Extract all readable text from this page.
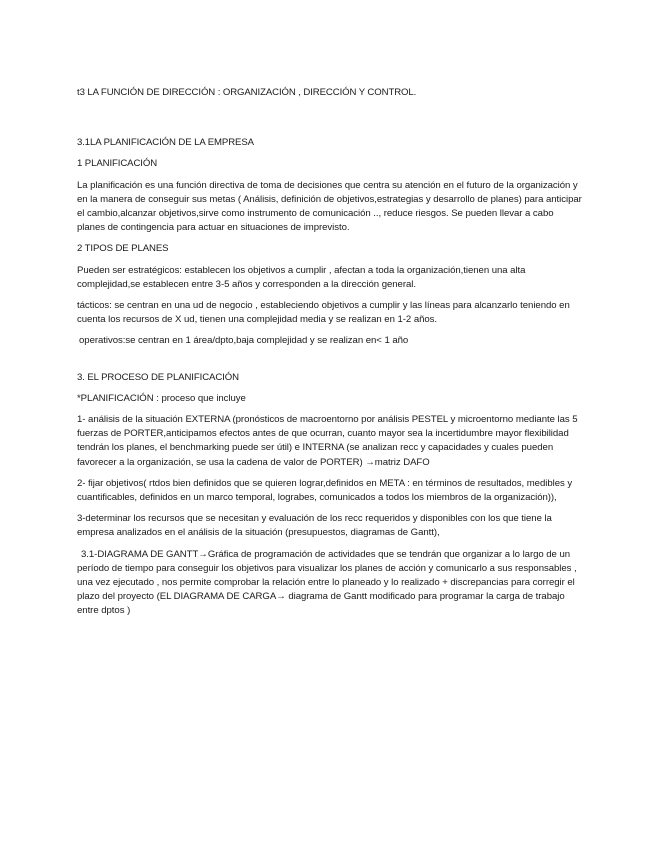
t3 LA FUNCIÓN DE DIRECCIÓN : ORGANIZACIÓN , DIRECCIÓN Y CONTROL.

3.1LA PLANIFICACIÓN DE LA EMPRESA

1 PLANIFICACIÓN

La planificación es una función directiva de toma de decisiones que centra su atención en el futuro de la organización y en la manera de conseguir sus metas ( Análisis, definición de objetivos,estrategias y desarrollo de planes) para anticipar el cambio,alcanzar objetivos,sirve como instrumento de comunicación .., reduce riesgos. Se pueden llevar a cabo planes de contingencia para actuar en situaciones de imprevisto.

2 TIPOS DE PLANES

Pueden ser estratégicos: establecen los objetivos a cumplir , afectan a toda la organización,tienen una alta complejidad,se establecen entre 3-5 años y corresponden a la dirección general.

tácticos: se centran en una ud de negocio , estableciendo objetivos a cumplir y las líneas para alcanzarlo teniendo en cuenta los recursos de X ud, tienen una complejidad media y se realizan en 1-2 años.

operativos:se centran en 1 área/dpto,baja complejidad y se realizan en< 1 año

3. EL PROCESO DE PLANIFICACIÓN

*PLANIFICACIÓN : proceso que incluye

1- análisis de la situación EXTERNA (pronósticos de macroentorno por análisis PESTEL y microentorno mediante las 5 fuerzas de PORTER,anticipamos efectos antes de que ocurran, cuanto mayor sea la incertidumbre mayor flexibilidad tendrán los planes, el benchmarking puede ser útil) e INTERNA (se analizan recc y capacidades y cuales pueden favorecer a la organización, se usa la cadena de valor de PORTER) →matriz DAFO

2- fijar objetivos( rtdos bien definidos que se quieren lograr,definidos en META : en términos de resultados, medibles y cuantificables, definidos en un marco temporal, lograbes, comunicados a todos los miembros de la organización)),

3-determinar los recursos que se necesitan y evaluación de los recc requeridos y disponibles con los que tiene la empresa analizados en el análisis de la situación (presupuestos, diagramas de Gantt),

3.1-DIAGRAMA DE GANTT→Gráfica de programación de actividades que se tendrán que organizar a lo largo de un período de tiempo para conseguir los objetivos para visualizar los planes de acción y comunicarlo a sus responsables , una vez ejecutado , nos permite comprobar la relación entre lo planeado y lo realizado + discrepancias para corregir el plazo del proyecto (EL DIAGRAMA DE CARGA→ diagrama de Gantt modificado para programar la carga de trabajo entre dptos )
